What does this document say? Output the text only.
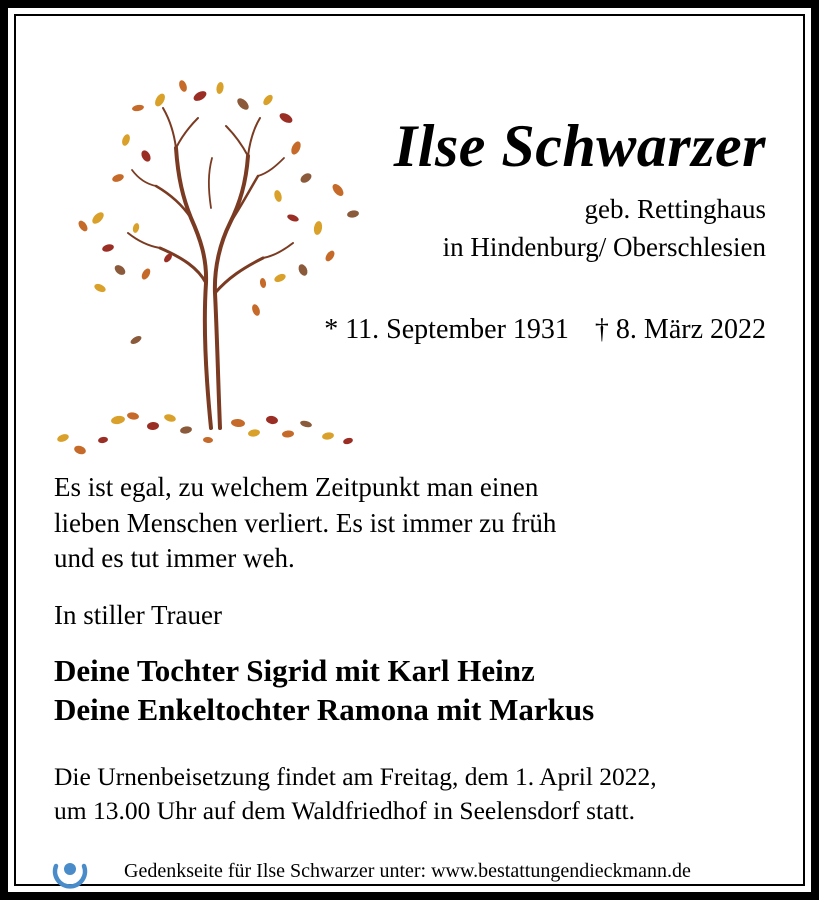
Ilse Schwarzer
geb. Rettinghaus
in Hindenburg/ Oberschlesien
* 11. September 1931 † 8. März 2022
Es ist egal, zu welchem Zeitpunkt man einen
lieben Menschen verliert. Es ist immer zu früh
und es tut immer weh.
In stiller Trauer
Deine Tochter Sigrid mit Karl Heinz
Deine Enkeltochter Ramona mit Markus
Die Urnenbeisetzung findet am Freitag, dem 1. April 2022,
um 13.00 Uhr auf dem Waldfriedhof in Seelensdorf statt.
Gedenkseite für Ilse Schwarzer unter: www.bestattungendieckmann.de
